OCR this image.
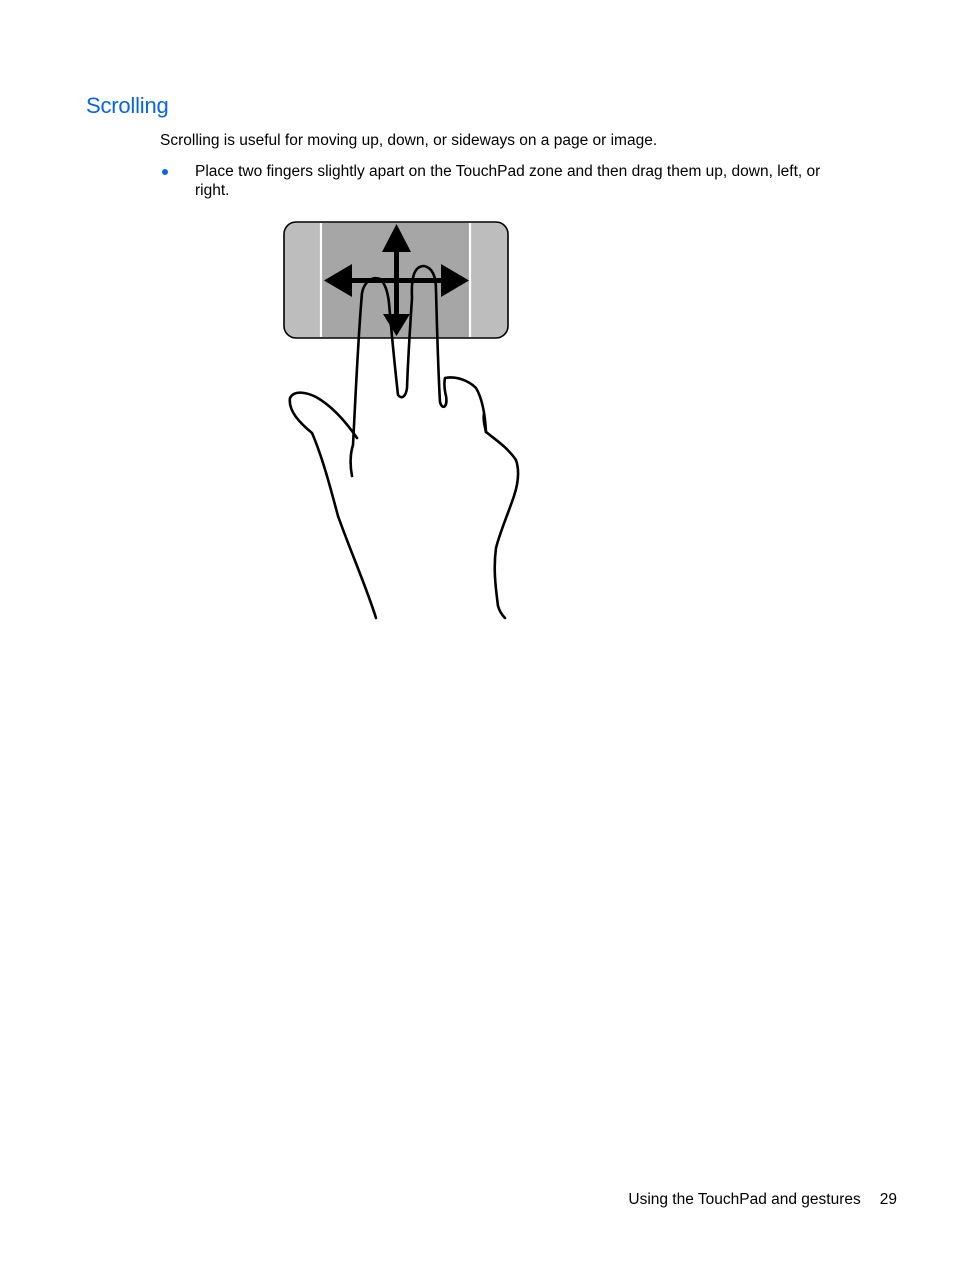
Scrolling

Scrolling is useful for moving up, down, or sideways on a page or image.

Place two fingers slightly apart on the TouchPad zone and then drag them up, down, left, or right.
Using the TouchPad and gestures 29
